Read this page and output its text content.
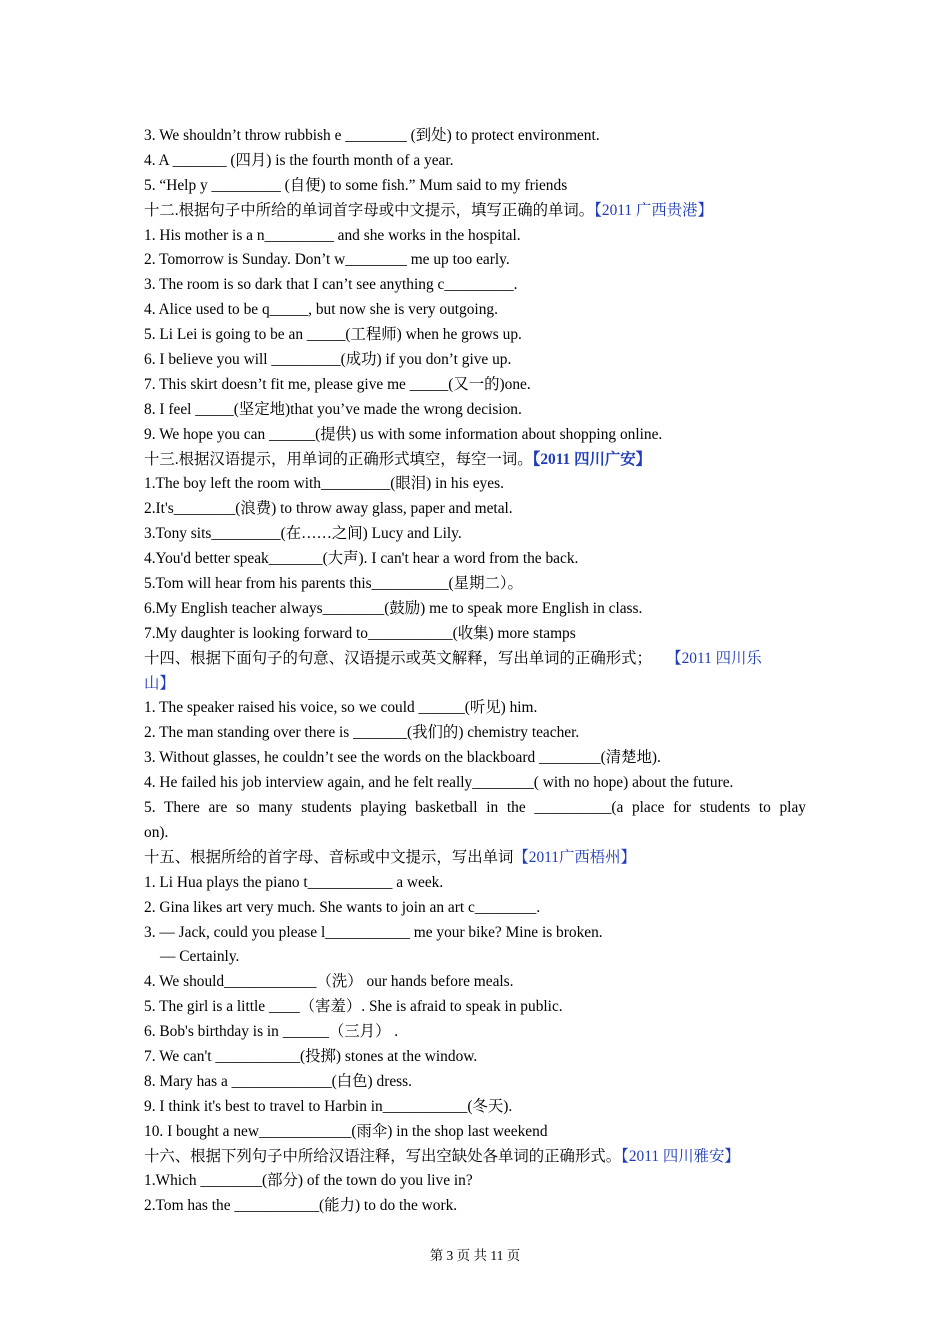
3. We shouldn’t throw rubbish e ________ (到处) to protect environment.
4. A _______ (四月) is the fourth month of a year.
5. “Help y _________ (自便) to some fish.” Mum said to my friends
十二.根据句子中所给的单词首字母或中文提示，填写正确的单词。【2011 广西贵港】
1. His mother is a n_________ and she works in the hospital.
2. Tomorrow is Sunday. Don’t w________ me up too early.
3. The room is so dark that I can’t see anything c_________.
4. Alice used to be q_____, but now she is very outgoing.
5. Li Lei is going to be an _____(工程师) when he grows up.
6. I believe you will _________(成功) if you don’t give up.
7. This skirt doesn’t fit me, please give me _____(又一的)one.
8. I feel _____(坚定地)that you’ve made the wrong decision.
9. We hope you can ______(提供) us with some information about shopping online.
十三.根据汉语提示，用单词的正确形式填空，每空一词。【2011 四川广安】
1.The boy left the room with_________(眼泪) in his eyes.
2.It's________(浪费) to throw away glass, paper and metal.
3.Tony sits_________(在……之间) Lucy and Lily.
4.You'd better speak_______(大声). I can't hear a word from the back.
5.Tom will hear from his parents this__________(星期二）。
6.My English teacher always________(鼓励) me to speak more English in class.
7.My daughter is looking forward to___________(收集) more stamps
十四、根据下面句子的句意、汉语提示或英文解释，写出单词的正确形式； 【2011 四川乐
山】
1. The speaker raised his voice, so we could ______(听见) him.
2. The man standing over there is _______(我们的) chemistry teacher.
3. Without glasses, he couldn’t see the words on the blackboard ________(清楚地).
4. He failed his job interview again, and he felt really________( with no hope) about the future.
5. There are so many students playing basketball in the __________(a place for students to play
on).
十五、根据所给的首字母、音标或中文提示，写出单词【2011广西梧州】
1. Li Hua plays the piano t___________ a week.
2. Gina likes art very much. She wants to join an art c________.
3. — Jack, could you please l___________ me your bike? Mine is broken.
— Certainly.
4. We should____________（洗） our hands before meals.
5. The girl is a little ____（害羞）. She is afraid to speak in public.
6. Bob's birthday is in ______（三月） .
7. We can't ___________(投掷) stones at the window.
8. Mary has a _____________(白色) dress.
9. I think it's best to travel to Harbin in___________(冬天).
10. I bought a new____________(雨伞) in the shop last weekend
十六、根据下列句子中所给汉语注释，写出空缺处各单词的正确形式。【2011 四川雅安】
1.Which ________(部分) of the town do you live in?
2.Tom has the ___________(能力) to do the work.
第 3 页 共 11 页
